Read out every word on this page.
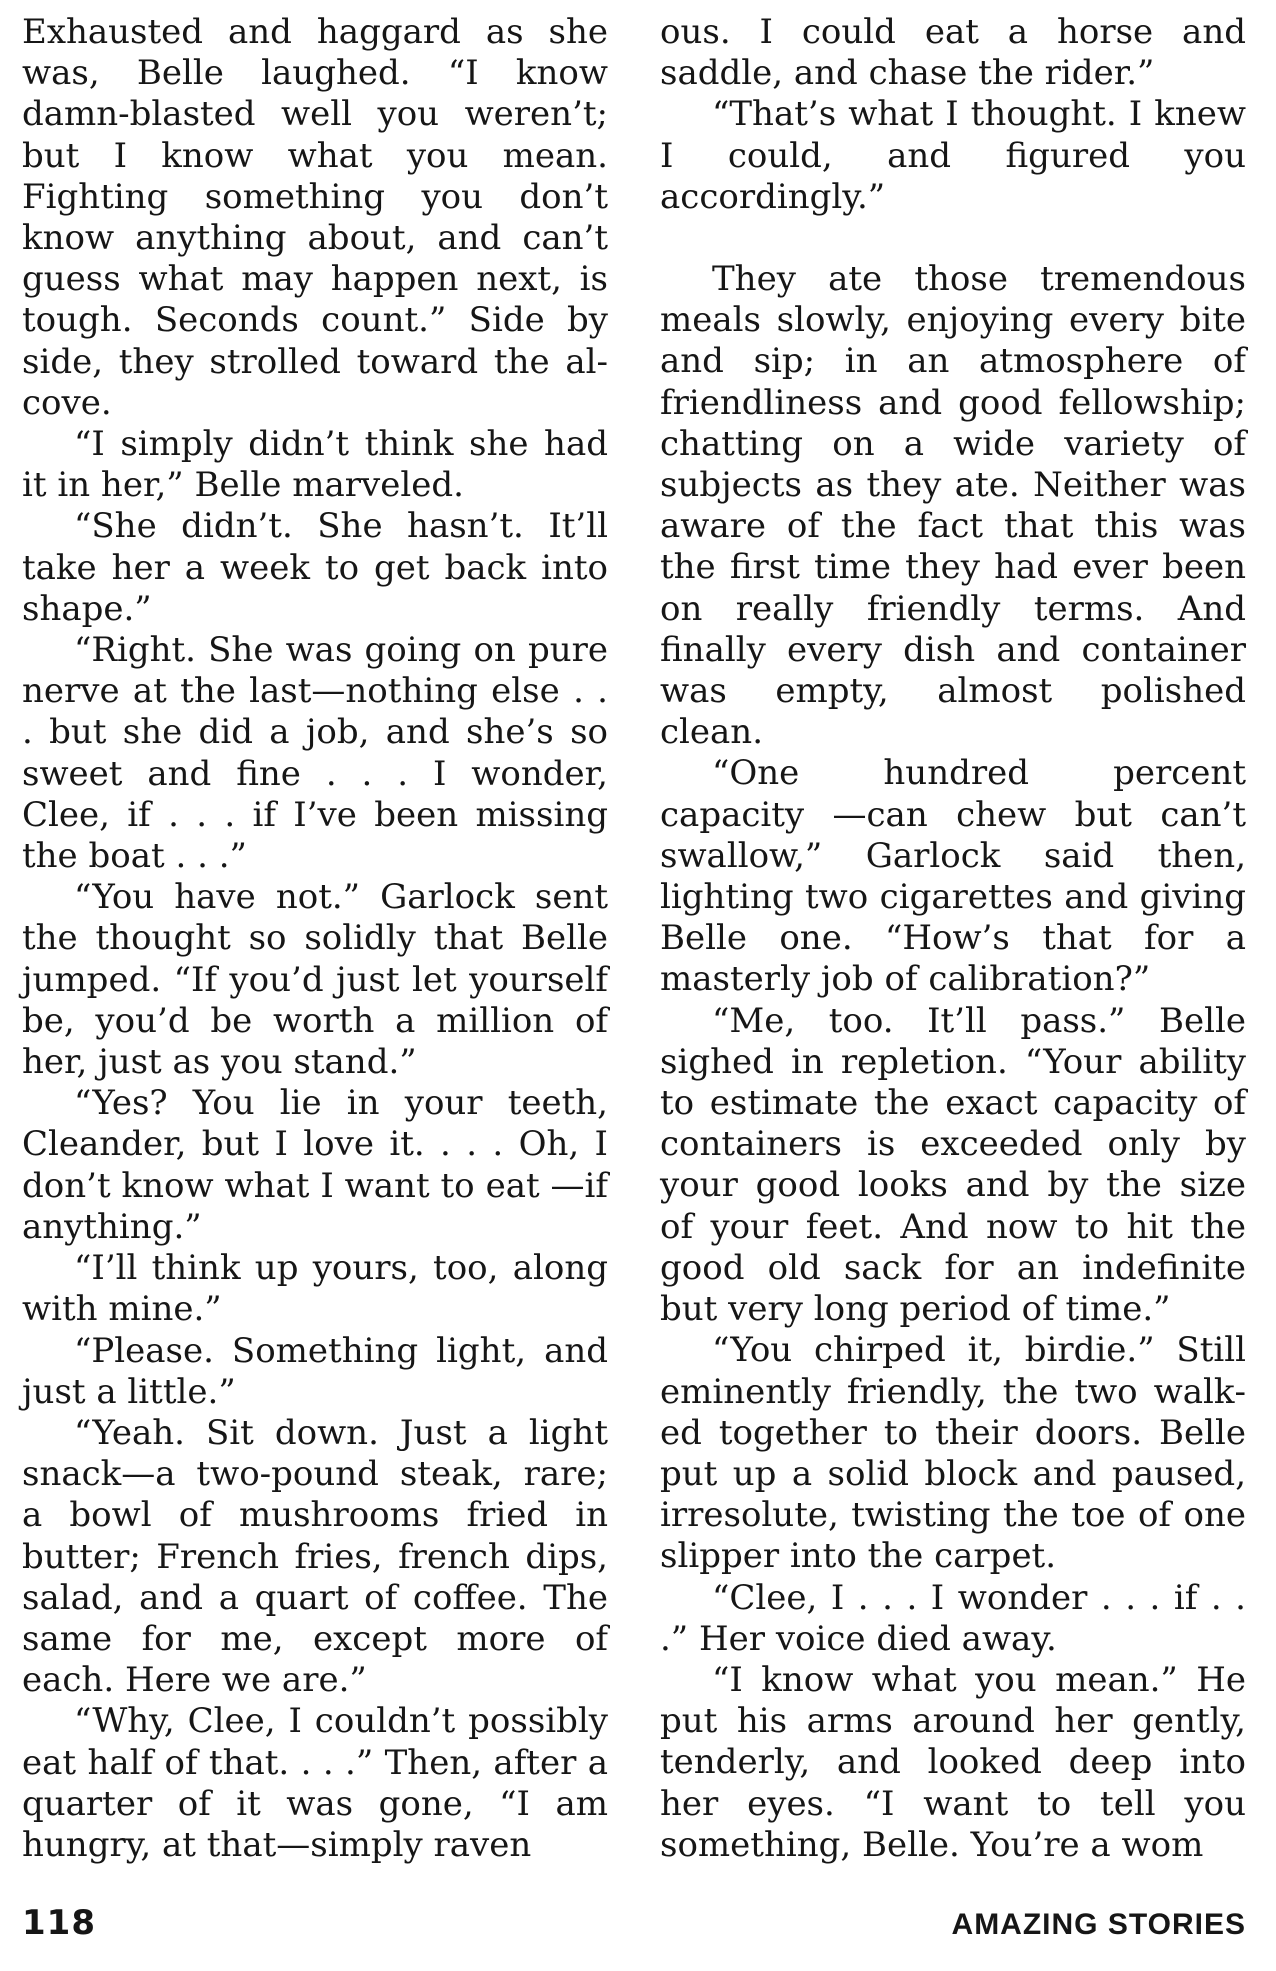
Exhausted and haggard as she was, Belle laughed. “I know damn-blasted well you weren’t; but I know what you mean. Fighting something you don’t know anything about, and can’t guess what may happen next, is tough. Seconds count.” Side by side, they strolled toward the alcove.

“I simply didn’t think she had it in her,” Belle marveled.

“She didn’t. She hasn’t. It’ll take her a week to get back into shape.”

“Right. She was going on pure nerve at the last—nothing else . . . but she did a job, and she’s so sweet and fine . . . I wonder, Clee, if . . . if I’ve been missing the boat . . .”

“You have not.” Garlock sent the thought so solidly that Belle jumped. “If you’d just let yourself be, you’d be worth a million of her, just as you stand.”

“Yes? You lie in your teeth, Cleander, but I love it. . . . Oh, I don’t know what I want to eat —if anything.”

“I’ll think up yours, too, along with mine.”

“Please. Something light, and just a little.”

“Yeah. Sit down. Just a light snack—a two-pound steak, rare; a bowl of mushrooms fried in butter; French fries, french dips, salad, and a quart of coffee. The same for me, except more of each. Here we are.”

“Why, Clee, I couldn’t possibly eat half of that. . . .” Then, after a quarter of it was gone, “I am hungry, at that—simply raven

ous. I could eat a horse and saddle, and chase the rider.”

“That’s what I thought. I knew I could, and figured you accordingly.”

They ate those tremendous meals slowly, enjoying every bite and sip; in an atmosphere of friendliness and good fellowship; chatting on a wide variety of subjects as they ate. Neither was aware of the fact that this was the first time they had ever been on really friendly terms. And finally every dish and container was empty, almost polished clean.

“One hundred percent capacity —can chew but can’t swallow,” Garlock said then, lighting two cigarettes and giving Belle one. “How’s that for a masterly job of calibration?”

“Me, too. It’ll pass.” Belle sighed in repletion. “Your ability to estimate the exact capacity of containers is exceeded only by your good looks and by the size of your feet. And now to hit the good old sack for an indefinite but very long period of time.”

“You chirped it, birdie.” Still eminently friendly, the two walked together to their doors. Belle put up a solid block and paused, irresolute, twisting the toe of one slipper into the carpet.

“Clee, I . . . I wonder . . . if . . .” Her voice died away.

“I know what you mean.” He put his arms around her gently, tenderly, and looked deep into her eyes. “I want to tell you something, Belle. You’re a wom

118	AMAZING STORIES
